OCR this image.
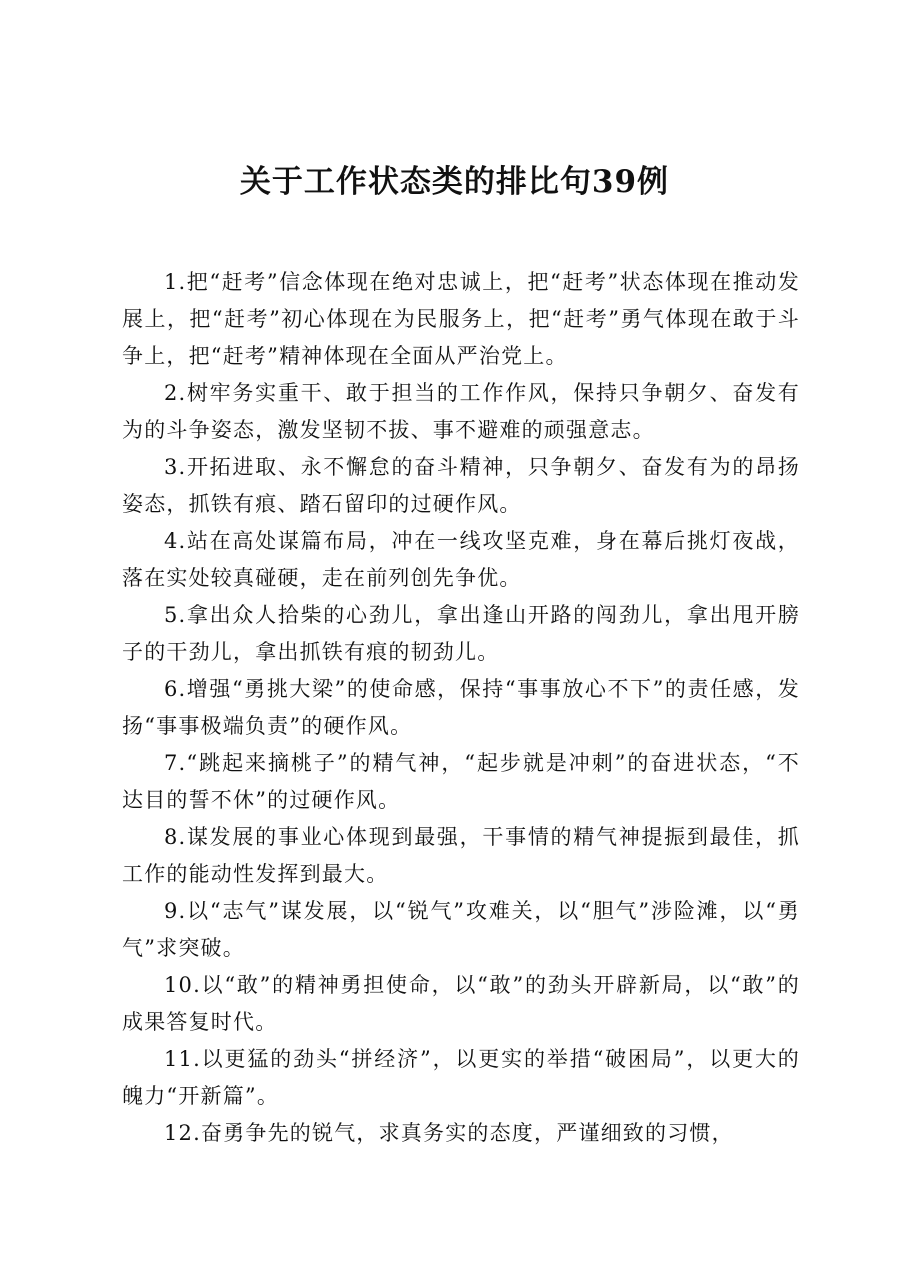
关于工作状态类的排比句39例

1.把“赶考”信念体现在绝对忠诚上，把“赶考”状态体现在推动发展上，把“赶考”初心体现在为民服务上，把“赶考”勇气体现在敢于斗争上，把“赶考”精神体现在全面从严治党上。

2.树牢务实重干、敢于担当的工作作风，保持只争朝夕、奋发有为的斗争姿态，激发坚韧不拔、事不避难的顽强意志。

3.开拓进取、永不懈怠的奋斗精神，只争朝夕、奋发有为的昂扬姿态，抓铁有痕、踏石留印的过硬作风。

4.站在高处谋篇布局，冲在一线攻坚克难，身在幕后挑灯夜战，落在实处较真碰硬，走在前列创先争优。

5.拿出众人拾柴的心劲儿，拿出逢山开路的闯劲儿，拿出甩开膀子的干劲儿，拿出抓铁有痕的韧劲儿。

6.增强“勇挑大梁”的使命感，保持“事事放心不下”的责任感，发扬“事事极端负责”的硬作风。

7.“跳起来摘桃子”的精气神，“起步就是冲刺”的奋进状态，“不达目的誓不休”的过硬作风。

8.谋发展的事业心体现到最强，干事情的精气神提振到最佳，抓工作的能动性发挥到最大。

9.以“志气”谋发展，以“锐气”攻难关，以“胆气”涉险滩，以“勇气”求突破。

10.以“敢”的精神勇担使命，以“敢”的劲头开辟新局，以“敢”的成果答复时代。

11.以更猛的劲头“拼经济”，以更实的举措“破困局”，以更大的魄力“开新篇”。

12.奋勇争先的锐气，求真务实的态度，严谨细致的习惯，
